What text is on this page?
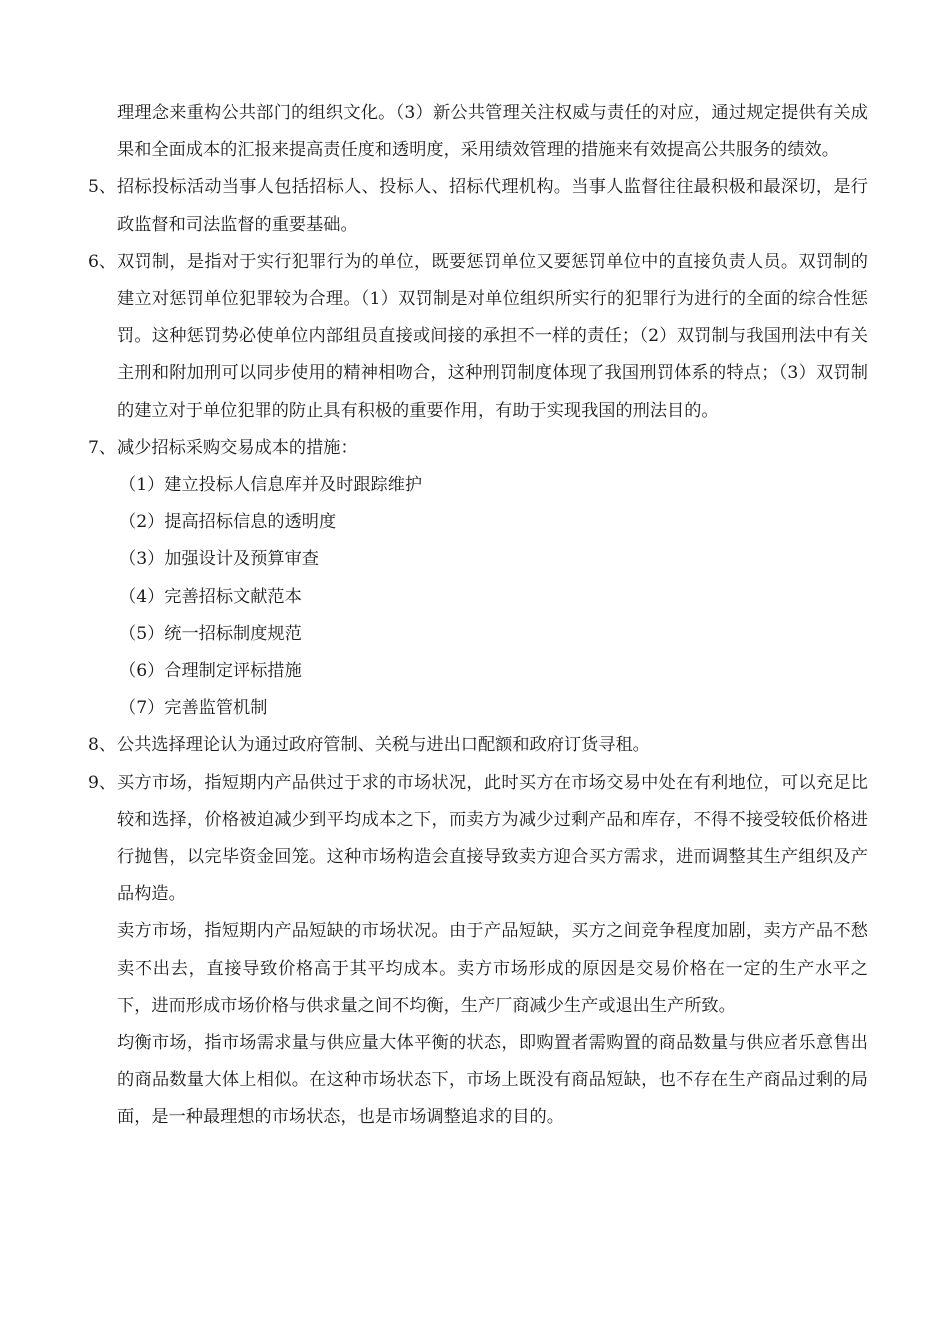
理理念来重构公共部门的组织文化。（3）新公共管理关注权威与责任的对应，通过规定提供有关成果和全面成本的汇报来提高责任度和透明度，采用绩效管理的措施来有效提高公共服务的绩效。

5、 招标投标活动当事人包括招标人、投标人、招标代理机构。当事人监督往往最积极和最深切，是行政监督和司法监督的重要基础。

6、 双罚制，是指对于实行犯罪行为的单位，既要惩罚单位又要惩罚单位中的直接负责人员。双罚制的建立对惩罚单位犯罪较为合理。（1）双罚制是对单位组织所实行的犯罪行为进行的全面的综合性惩罚。这种惩罚势必使单位内部组员直接或间接的承担不一样的责任；（2）双罚制与我国刑法中有关主刑和附加刑可以同步使用的精神相吻合，这种刑罚制度体现了我国刑罚体系的特点；（3）双罚制的建立对于单位犯罪的防止具有积极的重要作用，有助于实现我国的刑法目的。

7、 减少招标采购交易成本的措施：

（1）建立投标人信息库并及时跟踪维护

（2）提高招标信息的透明度

（3）加强设计及预算审查

（4）完善招标文献范本

（5）统一招标制度规范

（6）合理制定评标措施

（7）完善监管机制

8、 公共选择理论认为通过政府管制、关税与进出口配额和政府订货寻租。

9、 买方市场，指短期内产品供过于求的市场状况，此时买方在市场交易中处在有利地位，可以充足比较和选择，价格被迫减少到平均成本之下，而卖方为减少过剩产品和库存，不得不接受较低价格进行抛售，以完毕资金回笼。这种市场构造会直接导致卖方迎合买方需求，进而调整其生产组织及产品构造。

卖方市场，指短期内产品短缺的市场状况。由于产品短缺，买方之间竞争程度加剧，卖方产品不愁卖不出去，直接导致价格高于其平均成本。卖方市场形成的原因是交易价格在一定的生产水平之下，进而形成市场价格与供求量之间不均衡，生产厂商减少生产或退出生产所致。

均衡市场，指市场需求量与供应量大体平衡的状态，即购置者需购置的商品数量与供应者乐意售出的商品数量大体上相似。在这种市场状态下，市场上既没有商品短缺，也不存在生产商品过剩的局面，是一种最理想的市场状态，也是市场调整追求的目的。
